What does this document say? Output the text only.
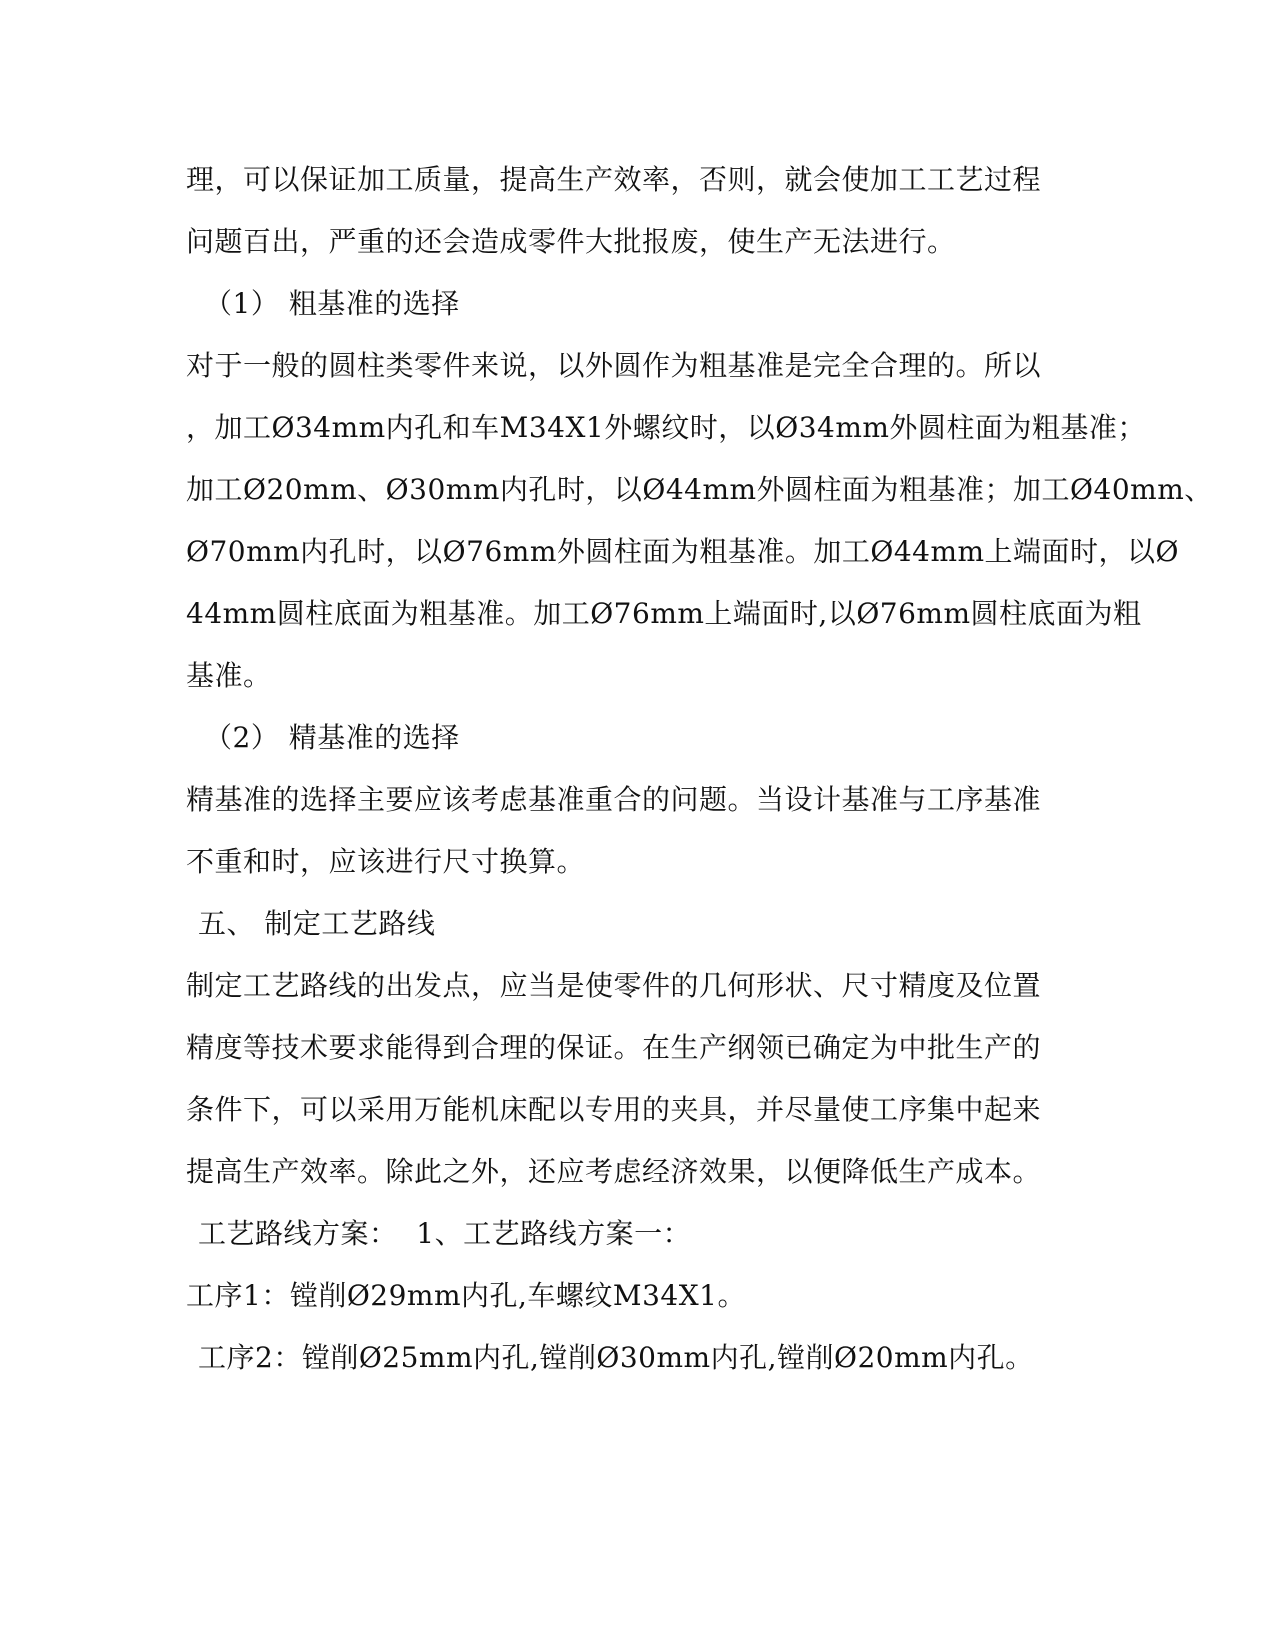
理，可以保证加工质量，提高生产效率，否则，就会使加工工艺过程
问题百出，严重的还会造成零件大批报废，使生产无法进行。
（1） 粗基准的选择
对于一般的圆柱类零件来说，以外圆作为粗基准是完全合理的。所以
，加工Ø34mm内孔和车M34X1外螺纹时，以Ø34mm外圆柱面为粗基准；
加工Ø20mm、Ø30mm内孔时，以Ø44mm外圆柱面为粗基准；加工Ø40mm、
Ø70mm内孔时，以Ø76mm外圆柱面为粗基准。加工Ø44mm上端面时，以Ø
44mm圆柱底面为粗基准。加工Ø76mm上端面时,以Ø76mm圆柱底面为粗
基准。
（2） 精基准的选择
精基准的选择主要应该考虑基准重合的问题。当设计基准与工序基准
不重和时，应该进行尺寸换算。
五、 制定工艺路线
制定工艺路线的出发点，应当是使零件的几何形状、尺寸精度及位置
精度等技术要求能得到合理的保证。在生产纲领已确定为中批生产的
条件下，可以采用万能机床配以专用的夹具，并尽量使工序集中起来
提高生产效率。除此之外，还应考虑经济效果，以便降低生产成本。
工艺路线方案：  1、工艺路线方案一：
工序1：镗削Ø29mm内孔,车螺纹M34X1。
工序2：镗削Ø25mm内孔,镗削Ø30mm内孔,镗削Ø20mm内孔。
